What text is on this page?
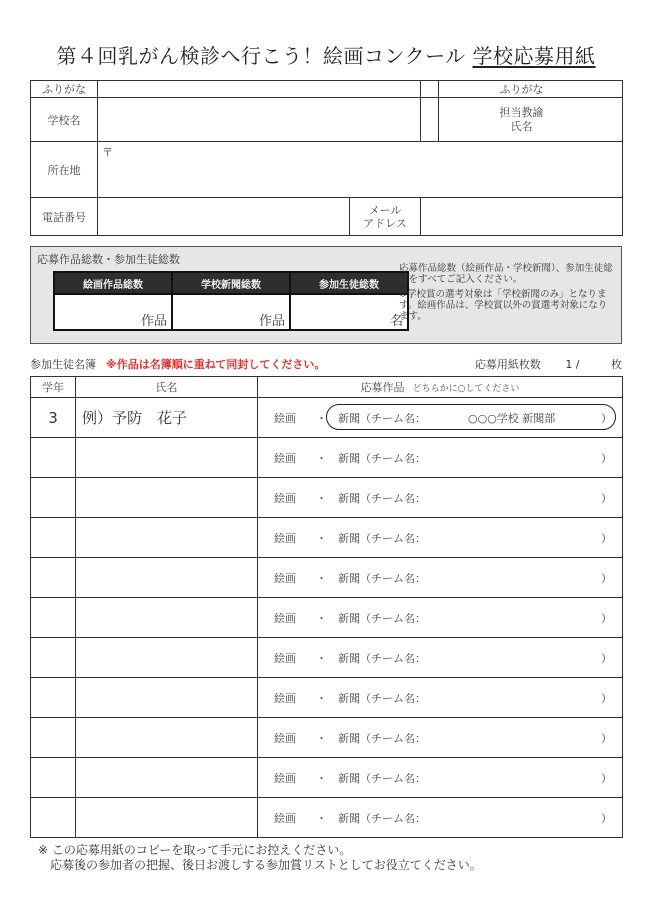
第４回乳がん検診へ行こう！絵画コンクール 学校応募用紙
ふりがな			ふりがな
学校名			担当教諭
氏名
所在地	〒		
電話番号		メール
アドレス	
応募作品総数・参加生徒総数
絵画作品総数	学校新聞総数	参加生徒総数
作品	作品	名

応募作品総数（絵画作品・学校新聞）、参加生徒総数をすべてご記入ください。

※学校賞の選考対象は「学校新聞のみ」となります。絵画作品は、学校賞以外の賞選考対象になります。

参加生徒名簿 ※作品は名簿順に重ねて同封してください。	応募用紙枚数 1 /	枚
学年	氏名	応募作品 どちらかに○してください
3	例）予防　花子	絵画 ・ 新聞（チーム名： ○○○学校 新聞部 ）

		絵画 ・ 新聞（チーム名： ）

		絵画 ・ 新聞（チーム名： ）

		絵画 ・ 新聞（チーム名： ）

		絵画 ・ 新聞（チーム名： ）

		絵画 ・ 新聞（チーム名： ）

		絵画 ・ 新聞（チーム名： ）

		絵画 ・ 新聞（チーム名： ）

		絵画 ・ 新聞（チーム名： ）

		絵画 ・ 新聞（チーム名： ）

		絵画 ・ 新聞（チーム名： ）
※ この応募用紙のコピーを取って手元にお控えください。
応募後の参加者の把握、後日お渡しする参加賞リストとしてお役立てください。
